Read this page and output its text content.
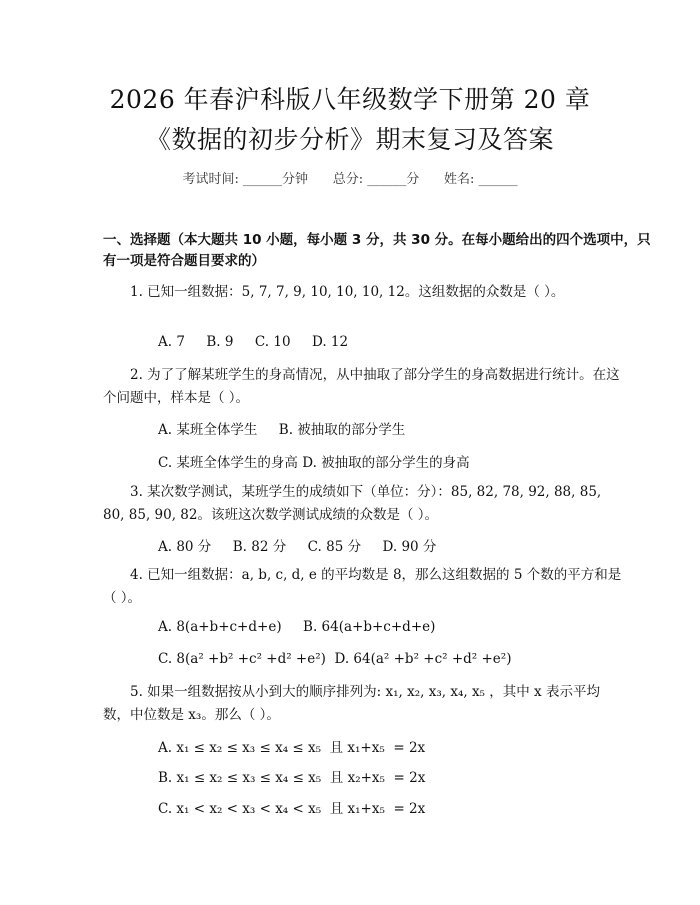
2026 年春沪科版八年级数学下册第 20 章
《数据的初步分析》期末复习及答案
考试时间: ______分钟      总分: ______分      姓名: ______
一、选择题（本大题共 10 小题，每小题 3 分，共 30 分。在每小题给出的四个选项中，只有一项是符合题目要求的）
1. 已知一组数据：5, 7, 7, 9, 10, 10, 10, 12。这组数据的众数是（ ）。
A. 7     B. 9     C. 10     D. 12
2. 为了了解某班学生的身高情况，从中抽取了部分学生的身高数据进行统计。在这个问题中，样本是（ ）。
A. 某班全体学生     B. 被抽取的部分学生
C. 某班全体学生的身高 D. 被抽取的部分学生的身高
3. 某次数学测试，某班学生的成绩如下（单位：分）：85, 82, 78, 92, 88, 85, 80, 85, 90, 82。该班这次数学测试成绩的众数是（ ）。
A. 80 分     B. 82 分     C. 85 分     D. 90 分
4. 已知一组数据：a, b, c, d, e 的平均数是 8，那么这组数据的 5 个数的平方和是（ ）。
A. 8(a+b+c+d+e)     B. 64(a+b+c+d+e)
C. 8(a² +b² +c² +d² +e²)  D. 64(a² +b² +c² +d² +e²)
5. 如果一组数据按从小到大的顺序排列为: x₁, x₂, x₃, x₄, x₅ ，其中 x 表示平均数，中位数是 x₃。那么（ ）。
A. x₁ ≤ x₂ ≤ x₃ ≤ x₄ ≤ x₅  且 x₁+x₅  = 2x
B. x₁ ≤ x₂ ≤ x₃ ≤ x₄ ≤ x₅  且 x₂+x₅  = 2x
C. x₁ < x₂ < x₃ < x₄ < x₅  且 x₁+x₅  = 2x
